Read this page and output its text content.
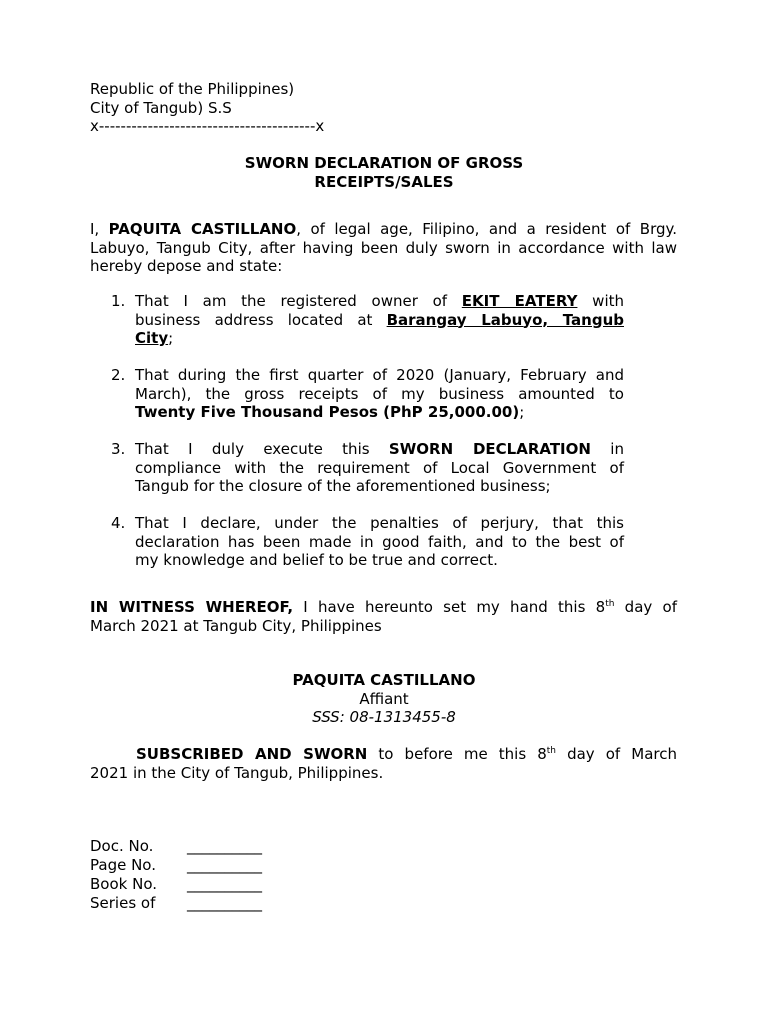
Republic of the Philippines)
City of Tangub) S.S
x----------------------------------------x
SWORN DECLARATION OF GROSS
RECEIPTS/SALES
I, PAQUITA CASTILLANO, of legal age, Filipino, and a resident of Brgy.
Labuyo, Tangub City, after having been duly sworn in accordance with law
hereby depose and state:
1. That I am the registered owner of EKIT EATERY with
business address located at Barangay Labuyo, Tangub
City;
2. That during the first quarter of 2020 (January, February and
March), the gross receipts of my business amounted to
Twenty Five Thousand Pesos (PhP 25,000.00);
3. That I duly execute this SWORN DECLARATION in
compliance with the requirement of Local Government of
Tangub for the closure of the aforementioned business;
4. That I declare, under the penalties of perjury, that this
declaration has been made in good faith, and to the best of
my knowledge and belief to be true and correct.
IN WITNESS WHEREOF, I have hereunto set my hand this 8th day of
March 2021 at Tangub City, Philippines
PAQUITA CASTILLANO
Affiant
SSS: 08-1313455-8
SUBSCRIBED AND SWORN to before me this 8th day of March
2021 in the City of Tangub, Philippines.
Doc. No. __________
Page No. __________
Book No. __________
Series of __________
